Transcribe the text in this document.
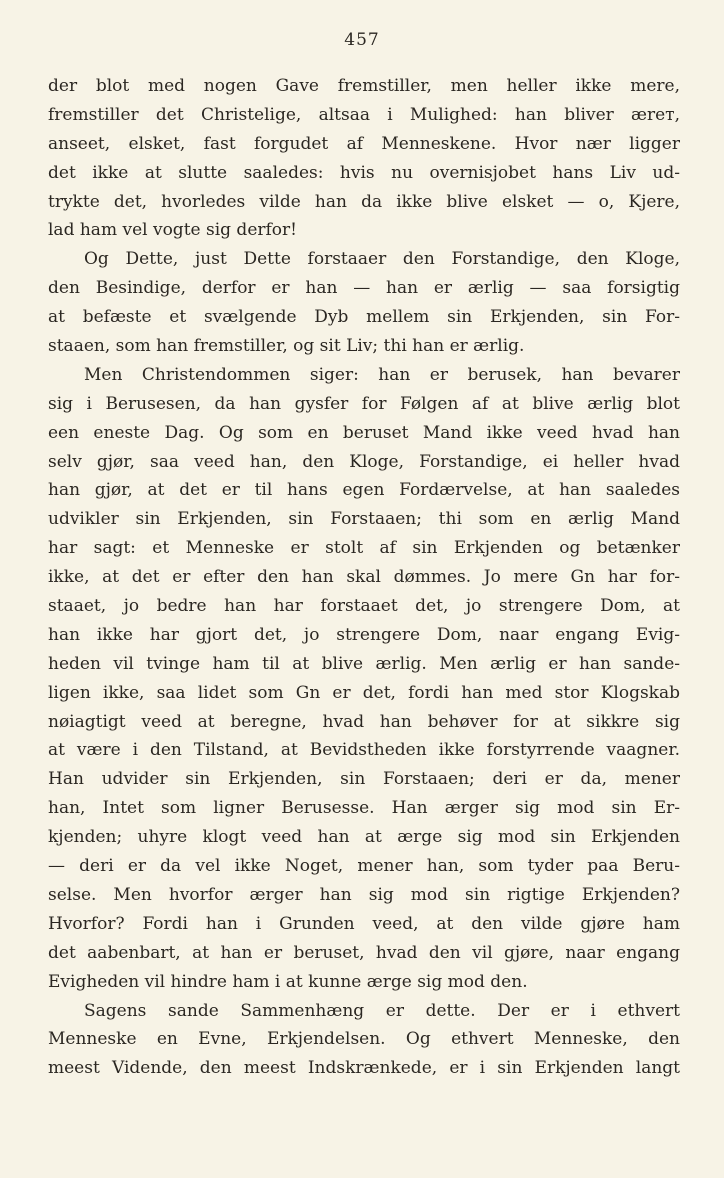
457
der blot med nogen Gave fremstiller, men heller ikke mere,
fremstiller det Christelige, altsaa i Mulighed: han bliver ærет,
anseet, elsket, fast forgudet af Menneskene. Hvor nær ligger
det ikke at slutte saaledes: hvis nu overnisjobet hans Liv ud-
trykte det, hvorledes vilde han da ikke blive elsket — o, Kjere,
lad ham vel vogte sig derfor!
Og Dette, just Dette forstaaer den Forstandige, den Kloge,
den Besindige, derfor er han — han er ærlig — saa forsigtig
at befæste et svælgende Dyb mellem sin Erkjenden, sin For-
staaen, som han fremstiller, og sit Liv; thi han er ærlig.
Men Christendommen siger: han er berusek, han bevarer
sig i Berusesen, da han gysfer for Følgen af at blive ærlig blot
een eneste Dag. Og som en beruset Mand ikke veed hvad han
selv gjør, saa veed han, den Kloge, Forstandige, ei heller hvad
han gjør, at det er til hans egen Fordærvelse, at han saaledes
udvikler sin Erkjenden, sin Forstaaen; thi som en ærlig Mand
har sagt: et Menneske er stolt af sin Erkjenden og betænker
ikke, at det er efter den han skal dømmes. Jo mere Gn har for-
staaet, jo bedre han har forstaaet det, jo strengere Dom, at
han ikke har gjort det, jo strengere Dom, naar engang Evig-
heden vil tvinge ham til at blive ærlig. Men ærlig er han sande-
ligen ikke, saa lidet som Gn er det, fordi han med stor Klogskab
nøiagtigt veed at beregne, hvad han behøver for at sikkre sig
at være i den Tilstand, at Bevidstheden ikke forstyrrende vaagner.
Han udvider sin Erkjenden, sin Forstaaen; deri er da, mener
han, Intet som ligner Berusesse. Han ærger sig mod sin Er-
kjenden; uhyre klogt veed han at ærge sig mod sin Erkjenden
— deri er da vel ikke Noget, mener han, som tyder paa Beru-
selse. Men hvorfor ærger han sig mod sin rigtige Erkjenden?
Hvorfor? Fordi han i Grunden veed, at den vilde gjøre ham
det aabenbart, at han er beruset, hvad den vil gjøre, naar engang
Evigheden vil hindre ham i at kunne ærge sig mod den.
Sagens sande Sammenhæng er dette. Der er i ethvert
Menneske en Evne, Erkjendelsen. Og ethvert Menneske, den
meest Vidende, den meest Indskrænkede, er i sin Erkjenden langt
